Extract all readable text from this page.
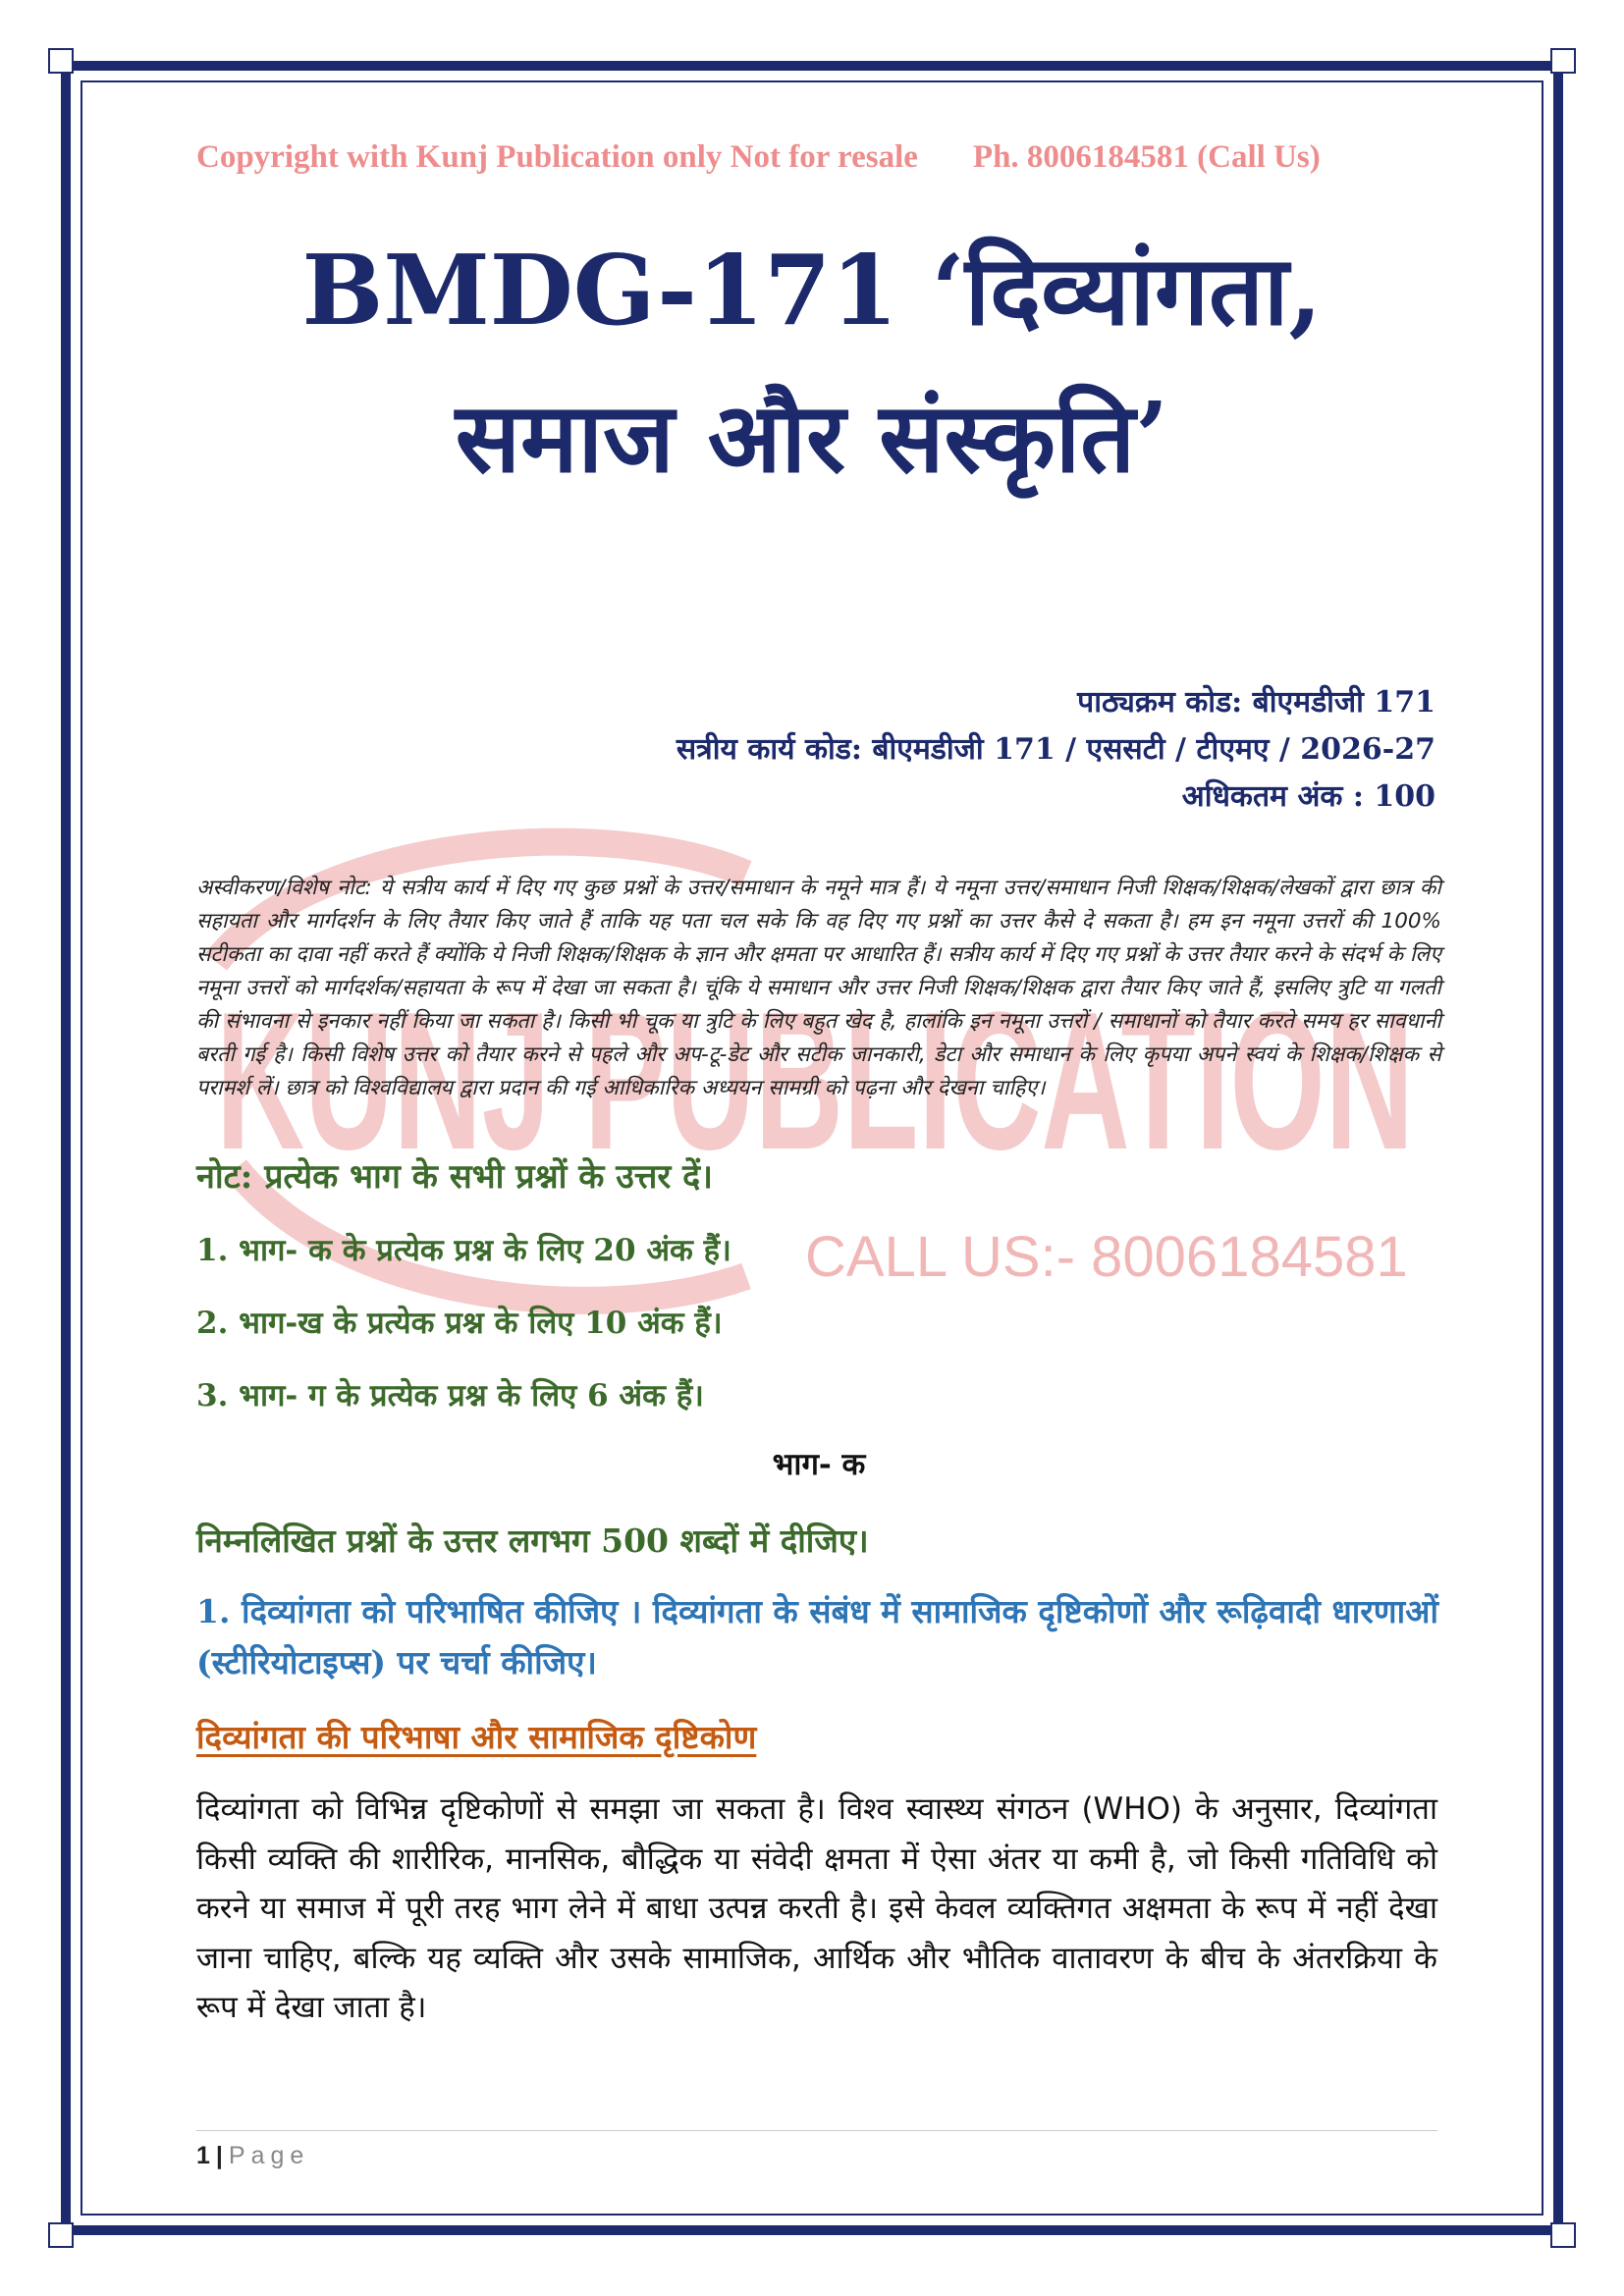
KUNJ PUBLICATION
CALL US:- 8006184581
Copyright with Kunj Publication only Not for resale Ph. 8006184581 (Call Us)
BMDG-171 ‘दिव्यांगता,
समाज और संस्कृति’
पाठ्यक्रम कोड: बीएमडीजी 171
सत्रीय कार्य कोड: बीएमडीजी 171 / एससटी / टीएमए / 2026-27
अधिकतम अंक : 100
अस्वीकरण/विशेष नोट: ये सत्रीय कार्य में दिए गए कुछ प्रश्नों के उत्तर/समाधान के नमूने मात्र हैं। ये नमूना उत्तर/समाधान निजी शिक्षक/शिक्षक/लेखकों द्वारा छात्र की सहायता और मार्गदर्शन के लिए तैयार किए जाते हैं ताकि यह पता चल सके कि वह दिए गए प्रश्नों का उत्तर कैसे दे सकता है। हम इन नमूना उत्तरों की 100% सटीकता का दावा नहीं करते हैं क्योंकि ये निजी शिक्षक/शिक्षक के ज्ञान और क्षमता पर आधारित हैं। सत्रीय कार्य में दिए गए प्रश्नों के उत्तर तैयार करने के संदर्भ के लिए नमूना उत्तरों को मार्गदर्शक/सहायता के रूप में देखा जा सकता है। चूंकि ये समाधान और उत्तर निजी शिक्षक/शिक्षक द्वारा तैयार किए जाते हैं, इसलिए त्रुटि या गलती की संभावना से इनकार नहीं किया जा सकता है। किसी भी चूक या त्रुटि के लिए बहुत खेद है, हालांकि इन नमूना उत्तरों / समाधानों को तैयार करते समय हर सावधानी बरती गई है। किसी विशेष उत्तर को तैयार करने से पहले और अप-टू-डेट और सटीक जानकारी, डेटा और समाधान के लिए कृपया अपने स्वयं के शिक्षक/शिक्षक से परामर्श लें। छात्र को विश्वविद्यालय द्वारा प्रदान की गई आधिकारिक अध्ययन सामग्री को पढ़ना और देखना चाहिए।
नोट: प्रत्येक भाग के सभी प्रश्नों के उत्तर दें।
1. भाग- क के प्रत्येक प्रश्न के लिए 20 अंक हैं।
2. भाग-ख के प्रत्येक प्रश्न के लिए 10 अंक हैं।
3. भाग- ग के प्रत्येक प्रश्न के लिए 6 अंक हैं।
भाग- क
निम्नलिखित प्रश्नों के उत्तर लगभग 500 शब्दों में दीजिए।
1. दिव्यांगता को परिभाषित कीजिए । दिव्यांगता के संबंध में सामाजिक दृष्टिकोणों और रूढ़िवादी धारणाओं (स्टीरियोटाइप्स) पर चर्चा कीजिए।
दिव्यांगता की परिभाषा और सामाजिक दृष्टिकोण
दिव्यांगता को विभिन्न दृष्टिकोणों से समझा जा सकता है। विश्व स्वास्थ्य संगठन (WHO) के अनुसार, दिव्यांगता किसी व्यक्ति की शारीरिक, मानसिक, बौद्धिक या संवेदी क्षमता में ऐसा अंतर या कमी है, जो किसी गतिविधि को करने या समाज में पूरी तरह भाग लेने में बाधा उत्पन्न करती है। इसे केवल व्यक्तिगत अक्षमता के रूप में नहीं देखा जाना चाहिए, बल्कि यह व्यक्ति और उसके सामाजिक, आर्थिक और भौतिक वातावरण के बीच के अंतरक्रिया के रूप में देखा जाता है।
1 | Page
